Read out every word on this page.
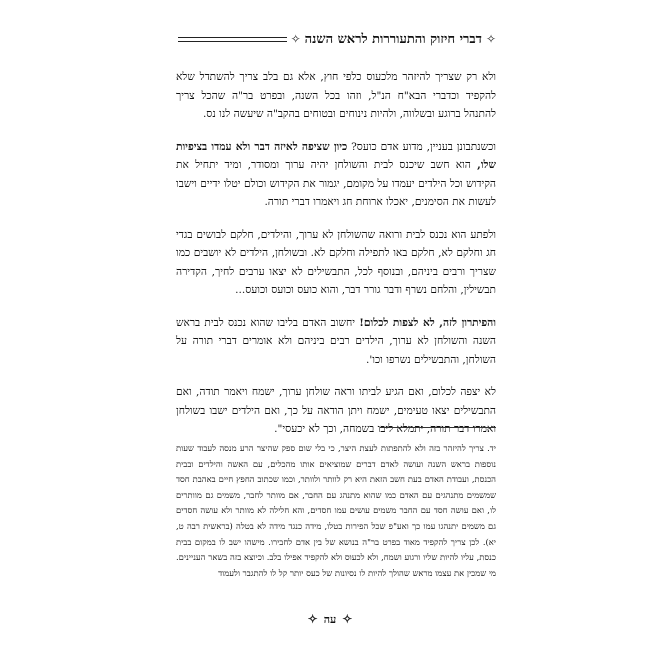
✧
דברי חיזוק והתעוררות לראש השנה
✧

ולא רק שצריך להיזהר מלכעוס כלפי חוץ, אלא גם בלב צריך להשתדל שלא להקפיד וכדברי הבא"ח הנ"ל, וזהו בכל השנה, ובפרט בר"ה שהכל צריך להתנהל ברוגע ובשלווה, ולהיות נינוחים ובטוחים בהקב"ה שיעשה לנו נס.

וכשנתבונן בעניין, מדוע אדם כועס? כיון שציפה לאיזה דבר ולא עמדו בציפיות שלו, הוא חשב שיכנס לבית והשולחן יהיה ערוך ומסודר, ומיד יתחיל את הקידוש וכל הילדים יעמדו על מקומם, יגמור את הקידוש וכולם יטלו ידיים וישבו לעשות את הסימנים, יאכלו ארוחת חג ויאמרו דברי תורה.

ולפתע הוא נכנס לבית ורואה שהשולחן לא ערוך, והילדים, חלקם לבושים בגדי חג וחלקם לא, חלקם באו לתפילה וחלקם לא. ובשולחן, הילדים לא יושבים כמו שצריך ורבים ביניהם, ובנוסף לכל, התבשילים לא יצאו ערבים לחיך, הקדירה תבשילין, והלחם נשרף ודבר גורר דבר, והוא כועס וכועס וכועס...

והפיתרון לזה, לא לצפות לכלום! יחשוב האדם בליבו שהוא נכנס לבית בראש השנה והשולחן לא ערוך, הילדים רבים ביניהם ולא אומרים דברי תורה על השולחן, והתבשילים נשרפו וכו'.

לא יצפה לכלום, ואם הגיע לביתו וראה שולחן ערוך, ישמח ויאמר תודה, ואם התבשילים יצאו טעימים, ישמח ויתן הודאה על כך, ואם הילדים ישבו בשולחן ואמרו דבר תורה, יתמלא ליבו בשמחה, וכך לא יכעסי".

יד. צריך להיזהר בזה ולא להתפתות לעצת היצר, כי בלי שום ספק שהיצר הרע מנסה לעבוד שעות נוספות בראש השנה ועושה לאדם דברים שמוציאים אותו מהכלים, עם האשה והילדים ובבית הכנסת, ועבודת האדם בעת חשב הזאת היא רק לוותר ולוותר, וכמו שכתוב החפץ חיים באהבת חסד שמשמים מתנהגים עם האדם כמו שהוא מתנהג עם החבר, אם מוותר לחבר, משמים גם מוותרים לו, ואם עושה חסד עם החבר משמים עושים עמו חסדים, והא חלילה לא מוותר ולא עושה חסדים גם משמים יתנהגו עמו כך ואע"פ שכל הפירות בטלו, מידה כנגד מידה לא בטלה (בראשית רבה ט, יא). לכן צריך להקפיד מאוד בפרט בר"ה בנושא של בין אדם לחבירו. מישהו ישב לו במקום בבית כנסת, עליו להיות שליו ורגוע ושמח, ולא לכעוס ולא להקפיד אפילו בלב. וכיוצא בזה בשאר העניינים. מי שמכין את עצמו מראש שהולך להיות לו נסיונות של כעס יותר קל לו להתגבר ולעמוד
✧
עה
✧
